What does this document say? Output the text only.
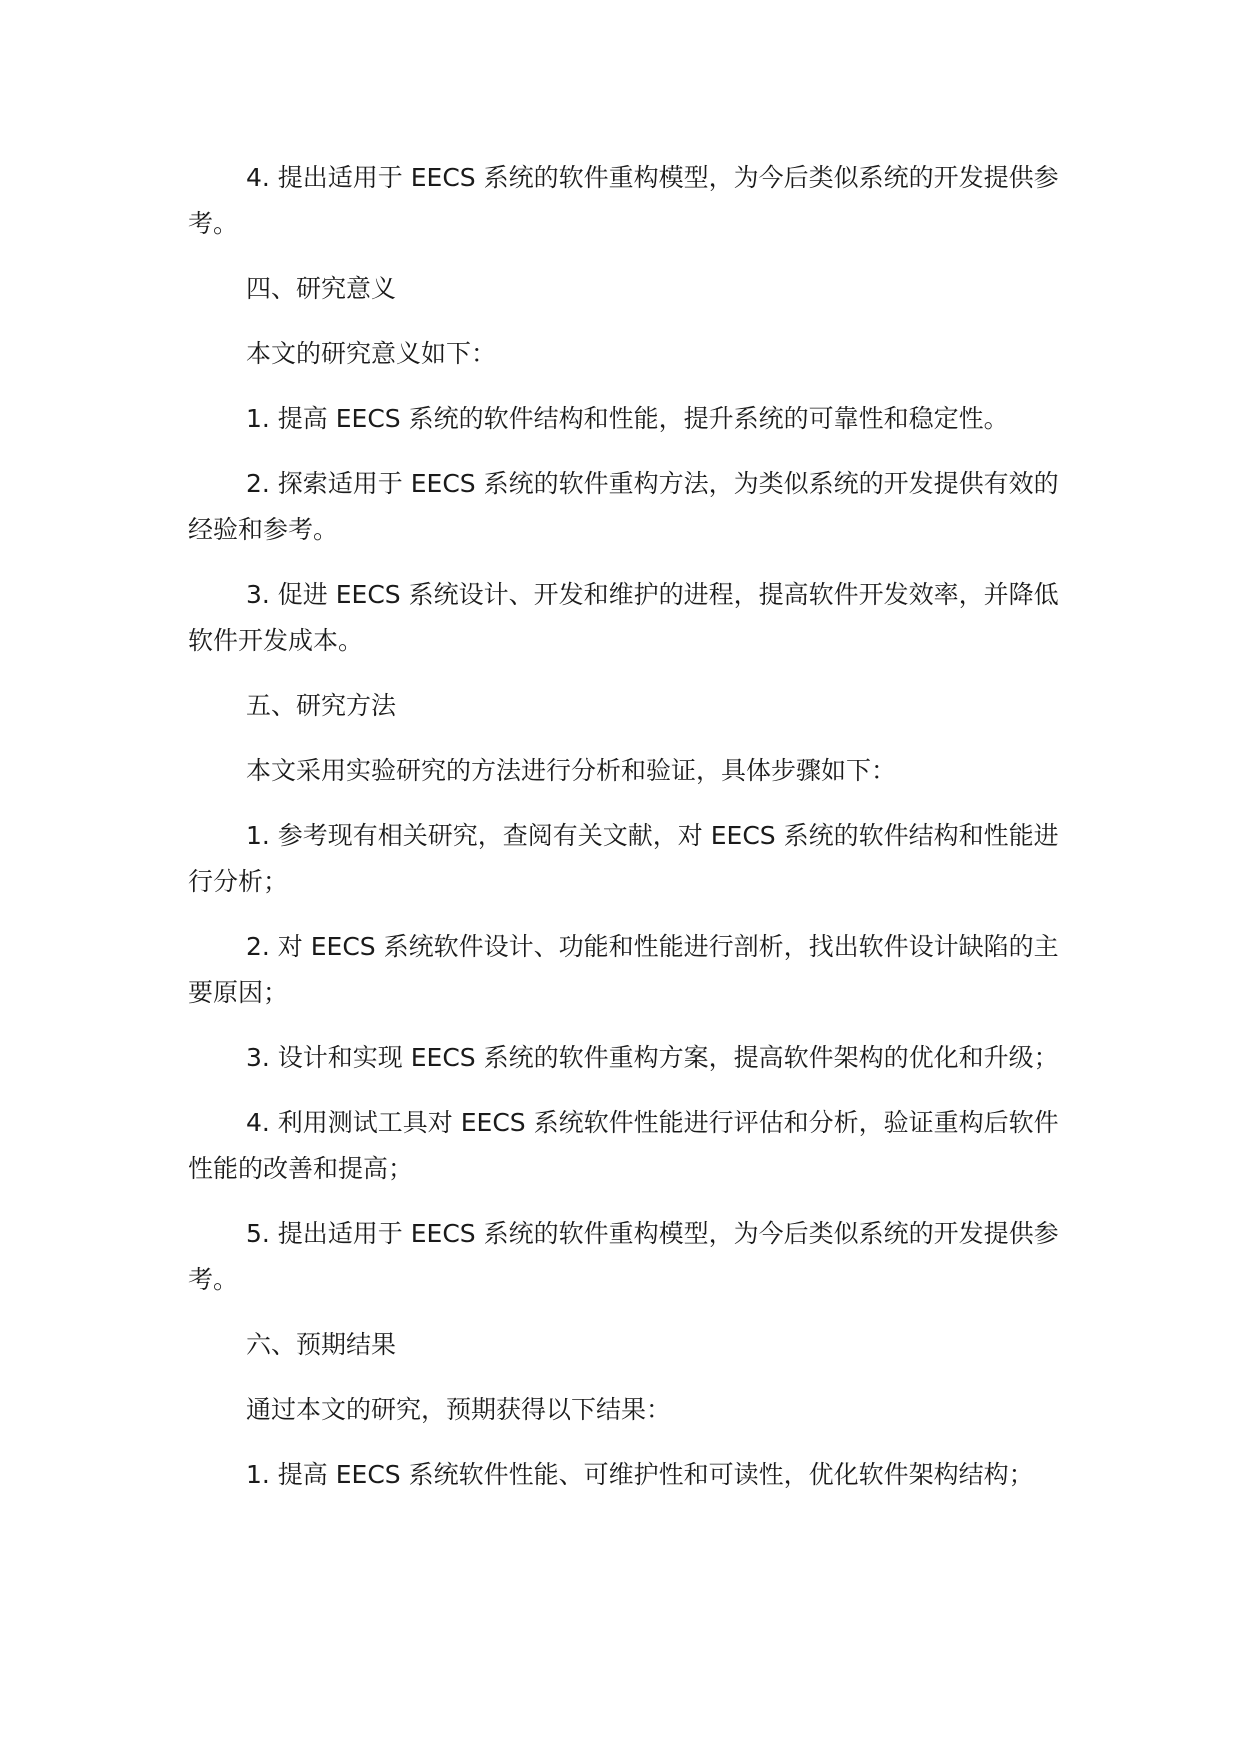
4. 提出适用于 EECS 系统的软件重构模型，为今后类似系统的开发提供参考。

四、研究意义

本文的研究意义如下：

1. 提高 EECS 系统的软件结构和性能，提升系统的可靠性和稳定性。

2. 探索适用于 EECS 系统的软件重构方法，为类似系统的开发提供有效的经验和参考。

3. 促进 EECS 系统设计、开发和维护的进程，提高软件开发效率，并降低软件开发成本。

五、研究方法

本文采用实验研究的方法进行分析和验证，具体步骤如下：

1. 参考现有相关研究，查阅有关文献，对 EECS 系统的软件结构和性能进行分析；

2. 对 EECS 系统软件设计、功能和性能进行剖析，找出软件设计缺陷的主要原因；

3. 设计和实现 EECS 系统的软件重构方案，提高软件架构的优化和升级；

4. 利用测试工具对 EECS 系统软件性能进行评估和分析，验证重构后软件性能的改善和提高；

5. 提出适用于 EECS 系统的软件重构模型，为今后类似系统的开发提供参考。

六、预期结果

通过本文的研究，预期获得以下结果：

1. 提高 EECS 系统软件性能、可维护性和可读性，优化软件架构结构；
